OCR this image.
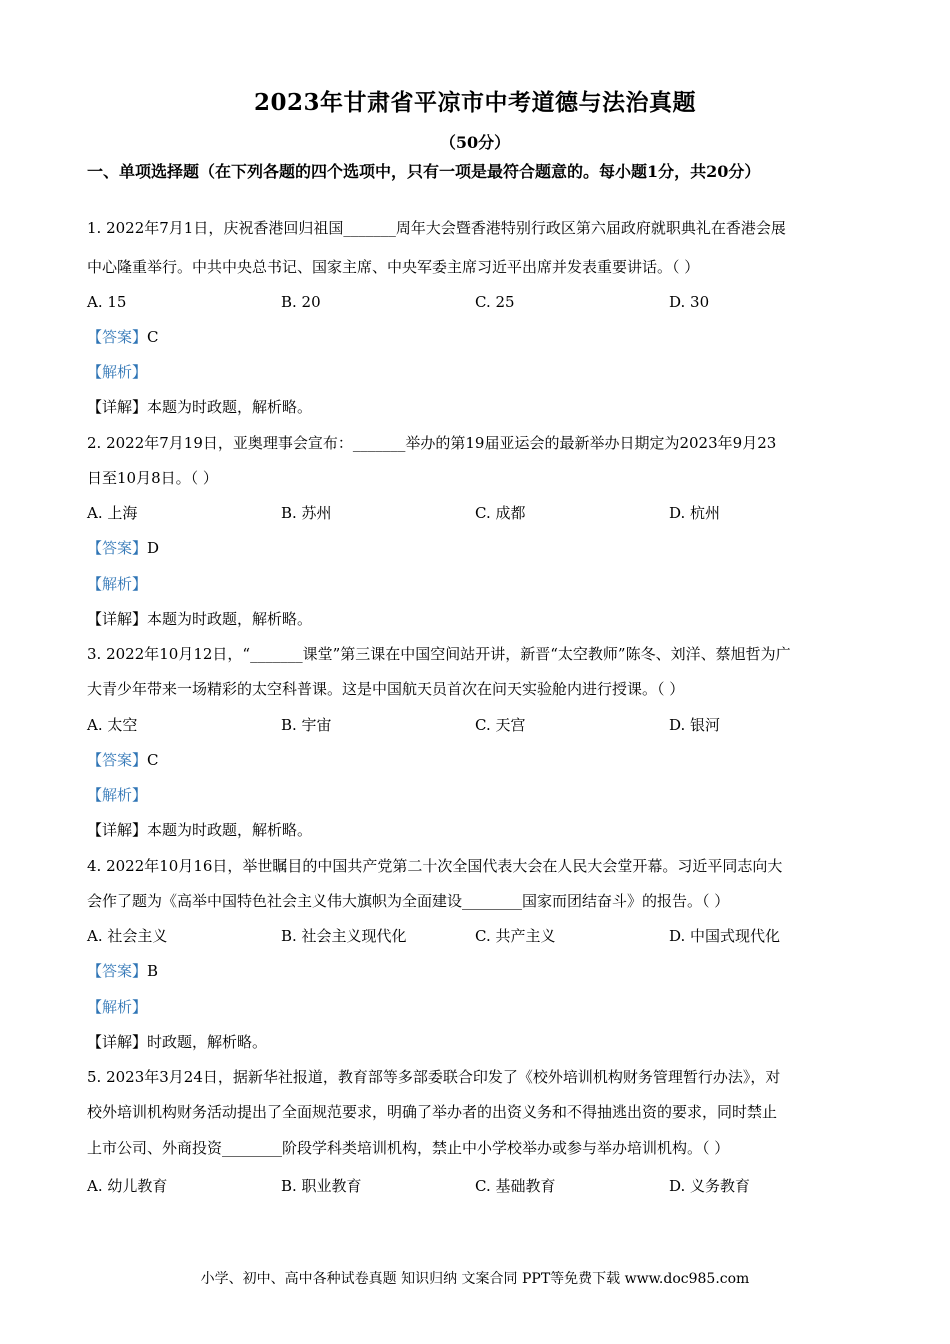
2023年甘肃省平凉市中考道德与法治真题
（50分）
一、单项选择题（在下列各题的四个选项中，只有一项是最符合题意的。每小题1分，共20分）
1. 2022年7月1日，庆祝香港回归祖国_______周年大会暨香港特别行政区第六届政府就职典礼在香港会展
中心隆重举行。中共中央总书记、国家主席、中央军委主席习近平出席并发表重要讲话。（ ）
A. 15	B. 20	C. 25	D. 30
【答案】C
【解析】
【详解】本题为时政题，解析略。
2. 2022年7月19日，亚奥理事会宣布：_______举办的第19届亚运会的最新举办日期定为2023年9月23
日至10月8日。（ ）
A. 上海	B. 苏州	C. 成都	D. 杭州
【答案】D
【解析】
【详解】本题为时政题，解析略。
3. 2022年10月12日，“_______课堂”第三课在中国空间站开讲，新晋“太空教师”陈冬、刘洋、蔡旭哲为广
大青少年带来一场精彩的太空科普课。这是中国航天员首次在问天实验舱内进行授课。（ ）
A. 太空	B. 宇宙	C. 天宫	D. 银河
【答案】C
【解析】
【详解】本题为时政题，解析略。
4. 2022年10月16日，举世瞩目的中国共产党第二十次全国代表大会在人民大会堂开幕。习近平同志向大
会作了题为《高举中国特色社会主义伟大旗帜为全面建设________国家而团结奋斗》的报告。（ ）
A. 社会主义	B. 社会主义现代化	C. 共产主义	D. 中国式现代化
【答案】B
【解析】
【详解】时政题，解析略。
5. 2023年3月24日，据新华社报道，教育部等多部委联合印发了《校外培训机构财务管理暂行办法》，对
校外培训机构财务活动提出了全面规范要求，明确了举办者的出资义务和不得抽逃出资的要求，同时禁止
上市公司、外商投资________阶段学科类培训机构，禁止中小学校举办或参与举办培训机构。（ ）
A. 幼儿教育	B. 职业教育	C. 基础教育	D. 义务教育
小学、初中、高中各种试卷真题 知识归纳 文案合同 PPT等免费下载 www.doc985.com
